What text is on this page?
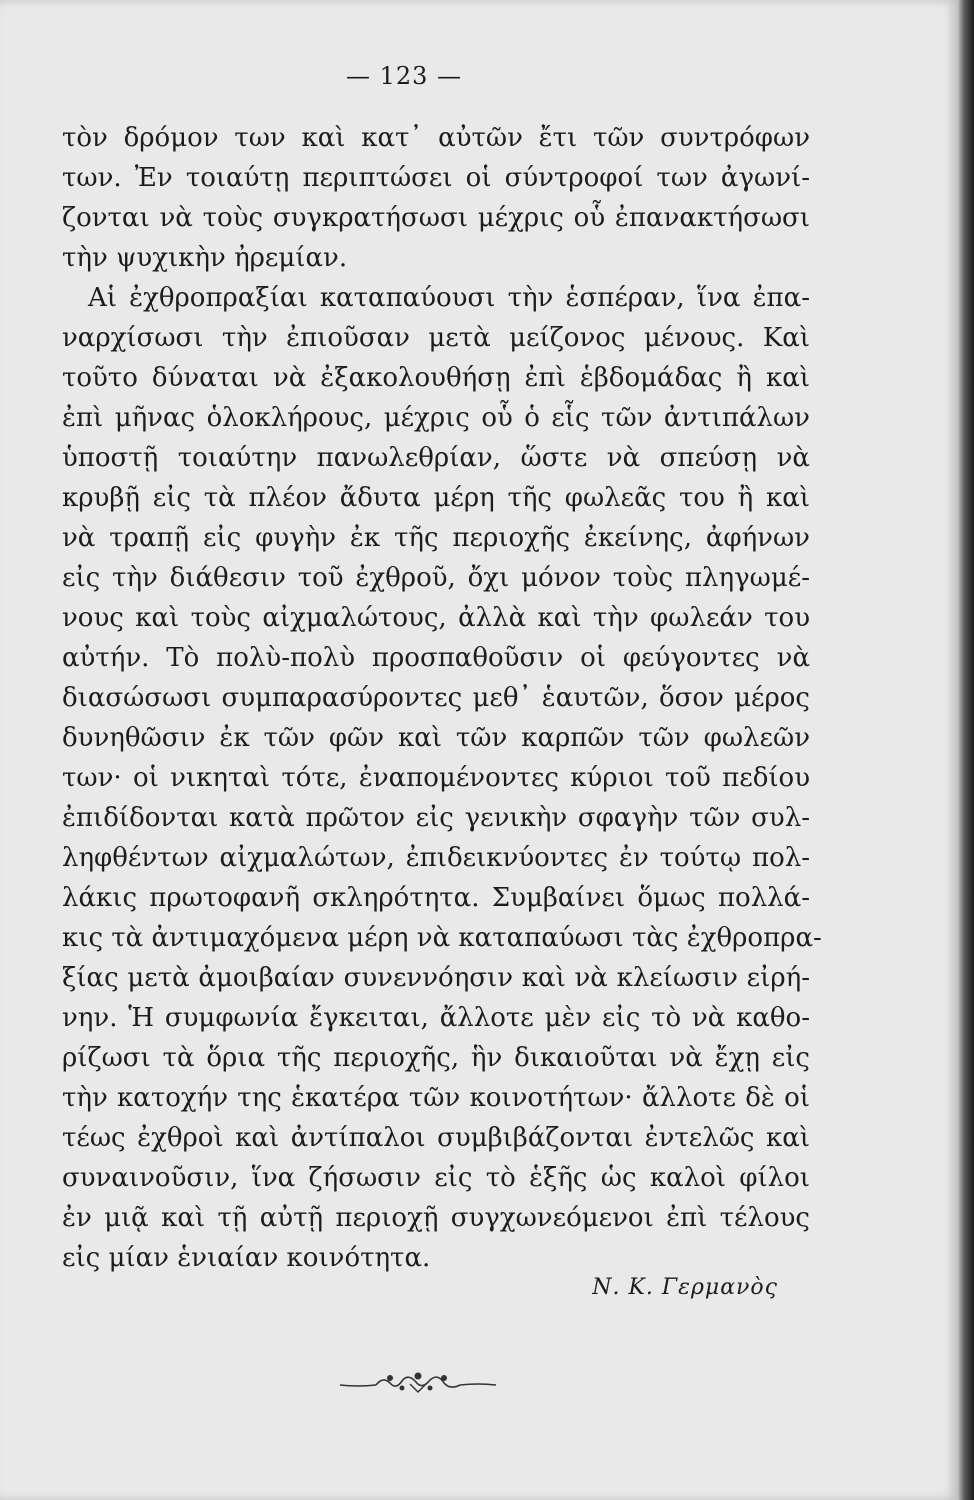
— 123 —
τὸν δρόμον των καὶ κατ᾿ αὐτῶν ἔτι τῶν συντρόφων
των. Ἐν τοιαύτῃ περιπτώσει οἱ σύντροφοί των ἀγωνί-
ζονται νὰ τοὺς συγκρατήσωσι μέχρις οὗ ἐπανακτήσωσι
τὴν ψυχικὴν ἠρεμίαν.
Αἱ ἐχθροπραξίαι καταπαύουσι τὴν ἑσπέραν, ἵνα ἐπα-
ναρχίσωσι τὴν ἐπιοῦσαν μετὰ μείζονος μένους. Καὶ
τοῦτο δύναται νὰ ἐξακολουθήσῃ ἐπὶ ἑβδομάδας ἢ καὶ
ἐπὶ μῆνας ὁλοκλήρους, μέχρις οὗ ὁ εἷς τῶν ἀντιπάλων
ὑποστῇ τοιαύτην πανωλεθρίαν, ὥστε νὰ σπεύσῃ νὰ
κρυβῇ εἰς τὰ πλέον ἄδυτα μέρη τῆς φωλεᾶς του ἢ καὶ
νὰ τραπῇ εἰς φυγὴν ἐκ τῆς περιοχῆς ἐκείνης, ἀφήνων
εἰς τὴν διάθεσιν τοῦ ἐχθροῦ, ὄχι μόνον τοὺς πληγωμέ-
νους καὶ τοὺς αἰχμαλώτους, ἀλλὰ καὶ τὴν φωλεάν του
αὐτήν. Τὸ πολὺ-πολὺ προσπαθοῦσιν οἱ φεύγοντες νὰ
διασώσωσι συμπαρασύροντες μεθ᾿ ἑαυτῶν, ὅσον μέρος
δυνηθῶσιν ἐκ τῶν φῶν καὶ τῶν καρπῶν τῶν φωλεῶν
των· οἱ νικηταὶ τότε, ἐναπομένοντες κύριοι τοῦ πεδίου
ἐπιδίδονται κατὰ πρῶτον εἰς γενικὴν σφαγὴν τῶν συλ-
ληφθέντων αἰχμαλώτων, ἐπιδεικνύοντες ἐν τούτῳ πολ-
λάκις πρωτοφανῆ σκληρότητα. Συμβαίνει ὅμως πολλά-
κις τὰ ἀντιμαχόμενα μέρη νὰ καταπαύωσι τὰς ἐχθροπρα-
ξίας μετὰ ἀμοιβαίαν συνεννόησιν καὶ νὰ κλείωσιν εἰρή-
νην. Ἡ συμφωνία ἔγκειται, ἄλλοτε μὲν εἰς τὸ νὰ καθο-
ρίζωσι τὰ ὅρια τῆς περιοχῆς, ἣν δικαιοῦται νὰ ἔχῃ εἰς
τὴν κατοχήν της ἑκατέρα τῶν κοινοτήτων· ἄλλοτε δὲ οἱ
τέως ἐχθροὶ καὶ ἀντίπαλοι συμβιβάζονται ἐντελῶς καὶ
συναινοῦσιν, ἵνα ζήσωσιν εἰς τὸ ἑξῆς ὡς καλοὶ φίλοι
ἐν μιᾷ καὶ τῇ αὐτῇ περιοχῇ συγχωνεόμενοι ἐπὶ τέλους
εἰς μίαν ἑνιαίαν κοινότητα.
Ν. Κ. Γερμανὸς
